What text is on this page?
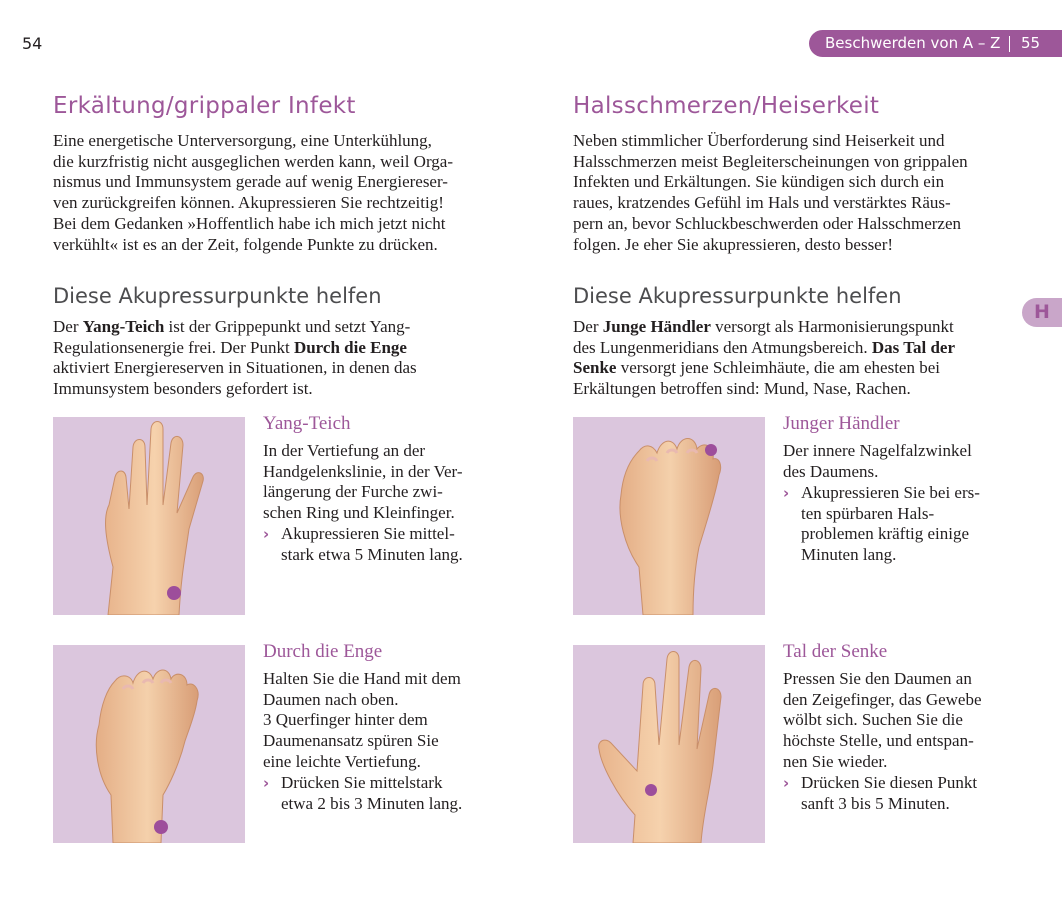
54	Beschwerden von A – Z 55
H
Erkältung/grippaler Infekt
Eine energetische Unterversorgung, eine Unterkühlung,
die kurzfristig nicht ausgeglichen werden kann, weil Orga-
nismus und Immunsystem gerade auf wenig Energiereser-
ven zurückgreifen können. Akupressieren Sie rechtzeitig!
Bei dem Gedanken »Hoffentlich habe ich mich jetzt nicht
verkühlt« ist es an der Zeit, folgende Punkte zu drücken.
Diese Akupressurpunkte helfen
Der Yang-Teich ist der Grippepunkt und setzt Yang-
Regulationsenergie frei. Der Punkt Durch die Enge
aktiviert Energiereserven in Situationen, in denen das
Immunsystem besonders gefordert ist.
Yang-Teich
In der Vertiefung an der
Handgelenkslinie, in der Ver-
längerung der Furche zwi-
schen Ring und Kleinfinger.
› Akupressieren Sie mittel-
stark etwa 5 Minuten lang.
Durch die Enge
Halten Sie die Hand mit dem
Daumen nach oben.
3 Querfinger hinter dem
Daumenansatz spüren Sie
eine leichte Vertiefung.
› Drücken Sie mittelstark
etwa 2 bis 3 Minuten lang.
Halsschmerzen/Heiserkeit
Neben stimmlicher Überforderung sind Heiserkeit und
Halsschmerzen meist Begleiterscheinungen von grippalen
Infekten und Erkältungen. Sie kündigen sich durch ein
raues, kratzendes Gefühl im Hals und verstärktes Räus-
pern an, bevor Schluckbeschwerden oder Halsschmerzen
folgen. Je eher Sie akupressieren, desto besser!
Diese Akupressurpunkte helfen
Der Junge Händler versorgt als Harmonisierungspunkt
des Lungenmeridians den Atmungsbereich. Das Tal der
Senke versorgt jene Schleimhäute, die am ehesten bei
Erkältungen betroffen sind: Mund, Nase, Rachen.
Junger Händler
Der innere Nagelfalzwinkel
des Daumens.
› Akupressieren Sie bei ers-
ten spürbaren Hals-
problemen kräftig einige
Minuten lang.
Tal der Senke
Pressen Sie den Daumen an
den Zeigefinger, das Gewebe
wölbt sich. Suchen Sie die
höchste Stelle, und entspan-
nen Sie wieder.
› Drücken Sie diesen Punkt
sanft 3 bis 5 Minuten.
